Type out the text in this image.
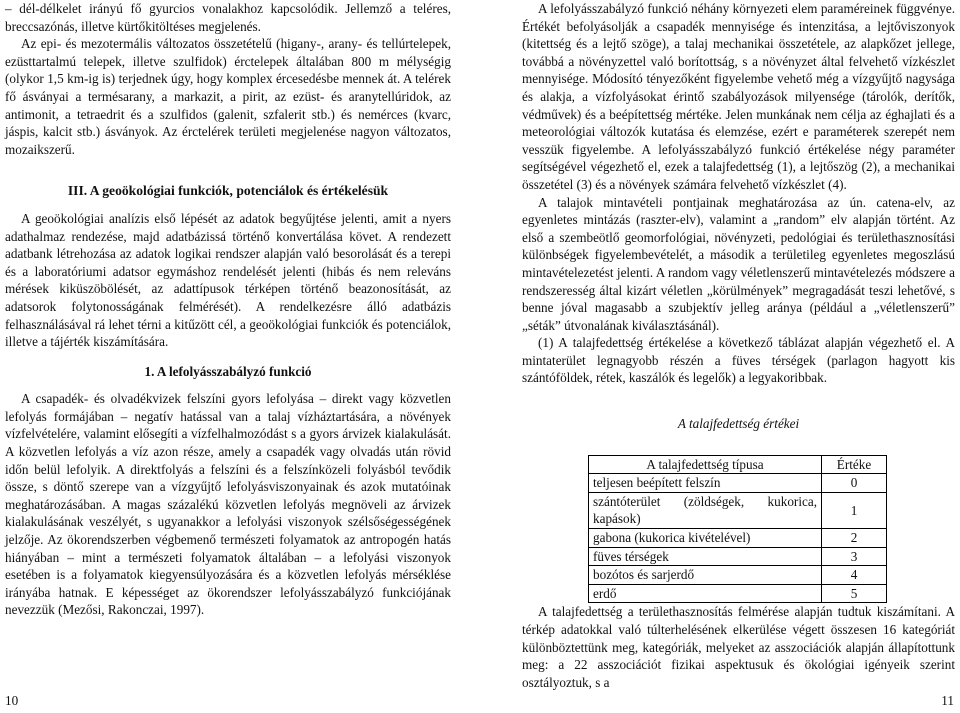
– dél-délkelet irányú fő gyurcios vonalakhoz kapcsolódik. Jellemző a teléres, breccsazónás, illetve kürtőkitöltéses megjelenés.

Az epi- és mezotermális változatos összetételű (higany-, arany- és tellúrtelepek, ezüsttartalmú telepek, illetve szulfidok) érctelepek általában 800 m mélységig (olykor 1,5 km-ig is) terjednek úgy, hogy komplex ércesedésbe mennek át. A telérek fő ásványai a termésarany, a markazit, a pirit, az ezüst- és aranytellúridok, az antimonit, a tetraedrit és a szulfidos (galenit, szfalerit stb.) és nemérces (kvarc, jáspis, kalcit stb.) ásványok. Az érctelérek területi megjelenése nagyon változatos, mozaikszerű.

III. A geoökológiai funkciók, potenciálok és értékelésük

A geoökológiai analízis első lépését az adatok begyűjtése jelenti, amit a nyers adathalmaz rendezése, majd adatbázissá történő konvertálása követ. A rendezett adatbank létrehozása az adatok logikai rendszer alapján való besorolását és a terepi és a laboratóriumi adatsor egymáshoz rendelését jelenti (hibás és nem releváns mérések kiküszöbölését, az adattípusok térképen történő beazonosítását, az adatsorok folytonosságának felmérését). A rendelkezésre álló adatbázis felhasználásával rá lehet térni a kitűzött cél, a geoökológiai funkciók és potenciálok, illetve a tájérték kiszámítására.

1. A lefolyásszabályzó funkció

A csapadék- és olvadékvizek felszíni gyors lefolyása – direkt vagy közvetlen lefolyás formájában – negatív hatással van a talaj vízháztartására, a növények vízfelvételére, valamint elősegíti a vízfelhalmozódást s a gyors árvizek kialakulását. A közvetlen lefolyás a víz azon része, amely a csapadék vagy olvadás után rövid időn belül lefolyik. A direktfolyás a felszíni és a felszínközeli folyásból tevődik össze, s döntő szerepe van a vízgyűjtő lefolyásviszonyainak és azok mutatóinak meghatározásában. A magas százalékú közvetlen lefolyás megnöveli az árvizek kialakulásának veszélyét, s ugyanakkor a lefolyási viszonyok szélsőségességének jelzője. Az ökorendszerben végbemenő természeti folyamatok az antropogén hatás hiányában – mint a természeti folyamatok általában – a lefolyási viszonyok esetében is a folyamatok kiegyensúlyozására és a közvetlen lefolyás mérséklése irányába hatnak. E képességet az ökorendszer lefolyásszabályzó funkciójának nevezzük (Mezősi, Rakonczai, 1997).

A lefolyásszabályzó funkció néhány környezeti elem paraméreinek függvénye. Értékét befolyásolják a csapadék mennyisége és intenzitása, a lejtőviszonyok (kitettség és a lejtő szöge), a talaj mechanikai összetétele, az alapkőzet jellege, továbbá a növényzettel való borítottság, s a növényzet által felvehető vízkészlet mennyisége. Módosító tényezőként figyelembe vehető még a vízgyűjtő nagysága és alakja, a vízfolyásokat érintő szabályozások milyensége (tárolók, derítők, védművek) és a beépítettség mértéke. Jelen munkának nem célja az éghajlati és a meteorológiai változók kutatása és elemzése, ezért e paraméterek szerepét nem vesszük figyelembe. A lefolyásszabályzó funkció értékelése négy paraméter segítségével végezhető el, ezek a talajfedettség (1), a lejtőszög (2), a mechanikai összetétel (3) és a növények számára felvehető vízkészlet (4).

A talajok mintavételi pontjainak meghatározása az ún. catena-elv, az egyenletes mintázás (raszter-elv), valamint a „random” elv alapján történt. Az első a szembeötlő geomorfológiai, növényzeti, pedológiai és területhasznosítási különbségek figyelembevételét, a második a területileg egyenletes megoszlású mintavételezetést jelenti. A random vagy véletlenszerű mintavételezés módszere a rendszeresség által kizárt véletlen „körülmények” megragadását teszi lehetővé, s benne jóval magasabb a szubjektív jelleg aránya (például a „véletlenszerű” „séták” útvonalának kiválasztásánál).

(1) A talajfedettség értékelése a következő táblázat alapján végezhető el. A mintaterület legnagyobb részén a füves térségek (parlagon hagyott kis szántóföldek, rétek, kaszálók és legelők) a legyakoribbak.

A talajfedettség értékei
A talajfedettség típusa	Értéke
teljesen beépített felszín	0
szántóterület (zöldségek, kukorica, kapások)	1
gabona (kukorica kivételével)	2
füves térségek	3
bozótos és sarjerdő	4
erdő	5

A talajfedettség a területhasznosítás felmérése alapján tudtuk kiszámítani. A térkép adatokkal való túlterhelésének elkerülése végett összesen 16 kategóriát különböztettünk meg, kategóriák, melyeket az asszociációk alapján állapítottunk meg: a 22 asszociációt fizikai aspektusuk és ökológiai igényeik szerint osztályoztuk, s a

10	11
